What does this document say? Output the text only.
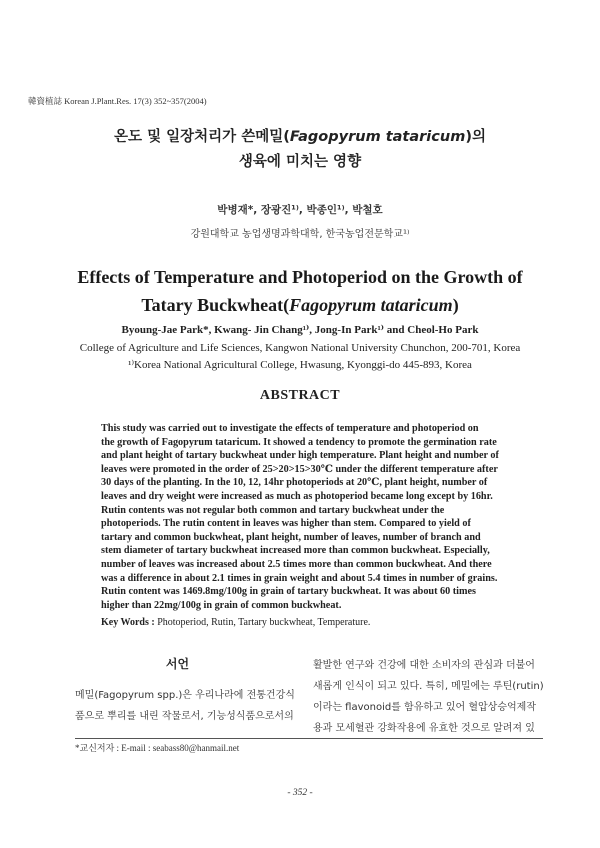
韓資植誌 Korean J.Plant.Res. 17(3) 352~357(2004)
온도 및 일장처리가 쓴메밀(Fagopyrum tataricum)의
생육에 미치는 영향
박병재*, 장광진¹⁾, 박종인¹⁾, 박철호
강원대학교 농업생명과학대학, 한국농업전문학교¹⁾
Effects of Temperature and Photoperiod on the Growth of
Tatary Buckwheat(Fagopyrum tataricum)
Byoung-Jae Park*, Kwang- Jin Chang¹⁾, Jong-In Park¹⁾ and Cheol-Ho Park
College of Agriculture and Life Sciences, Kangwon National University Chunchon, 200-701, Korea
¹⁾Korea National Agricultural College, Hwasung, Kyonggi-do 445-893, Korea
ABSTRACT
This study was carried out to investigate the effects of temperature and photoperiod on
the growth of Fagopyrum tataricum. It showed a tendency to promote the germination rate
and plant height of tartary buckwheat under high temperature. Plant height and number of
leaves were promoted in the order of 25>20>15>30℃ under the different temperature after
30 days of the planting. In the 10, 12, 14hr photoperiods at 20℃, plant height, number of
leaves and dry weight were increased as much as photoperiod became long except by 16hr.
Rutin contents was not regular both common and tartary buckwheat under the
photoperiods. The rutin content in leaves was higher than stem. Compared to yield of
tartary and common buckwheat, plant height, number of leaves, number of branch and
stem diameter of tartary buckwheat increased more than common buckwheat. Especially,
number of leaves was increased about 2.5 times more than common buckwheat. And there
was a difference in about 2.1 times in grain weight and about 5.4 times in number of grains.
Rutin content was 1469.8mg/100g in grain of tartary buckwheat. It was about 60 times
higher than 22mg/100g in grain of common buckwheat.
Key Words : Photoperiod, Rutin, Tartary buckwheat, Temperature.
서언
메밀(Fagopyrum spp.)은 우리나라에 전통건강식
품으로 뿌리를 내린 작물로서, 기능성식품으로서의
활발한 연구와 건강에 대한 소비자의 관심과 더불어
새롭게 인식이 되고 있다. 특히, 메밀에는 루틴(rutin)
이라는 flavonoid를 함유하고 있어 혈압상승억제작
용과 모세혈관 강화작용에 유효한 것으로 알려져 있
*교신저자 : E-mail : seabass80@hanmail.net
- 352 -
